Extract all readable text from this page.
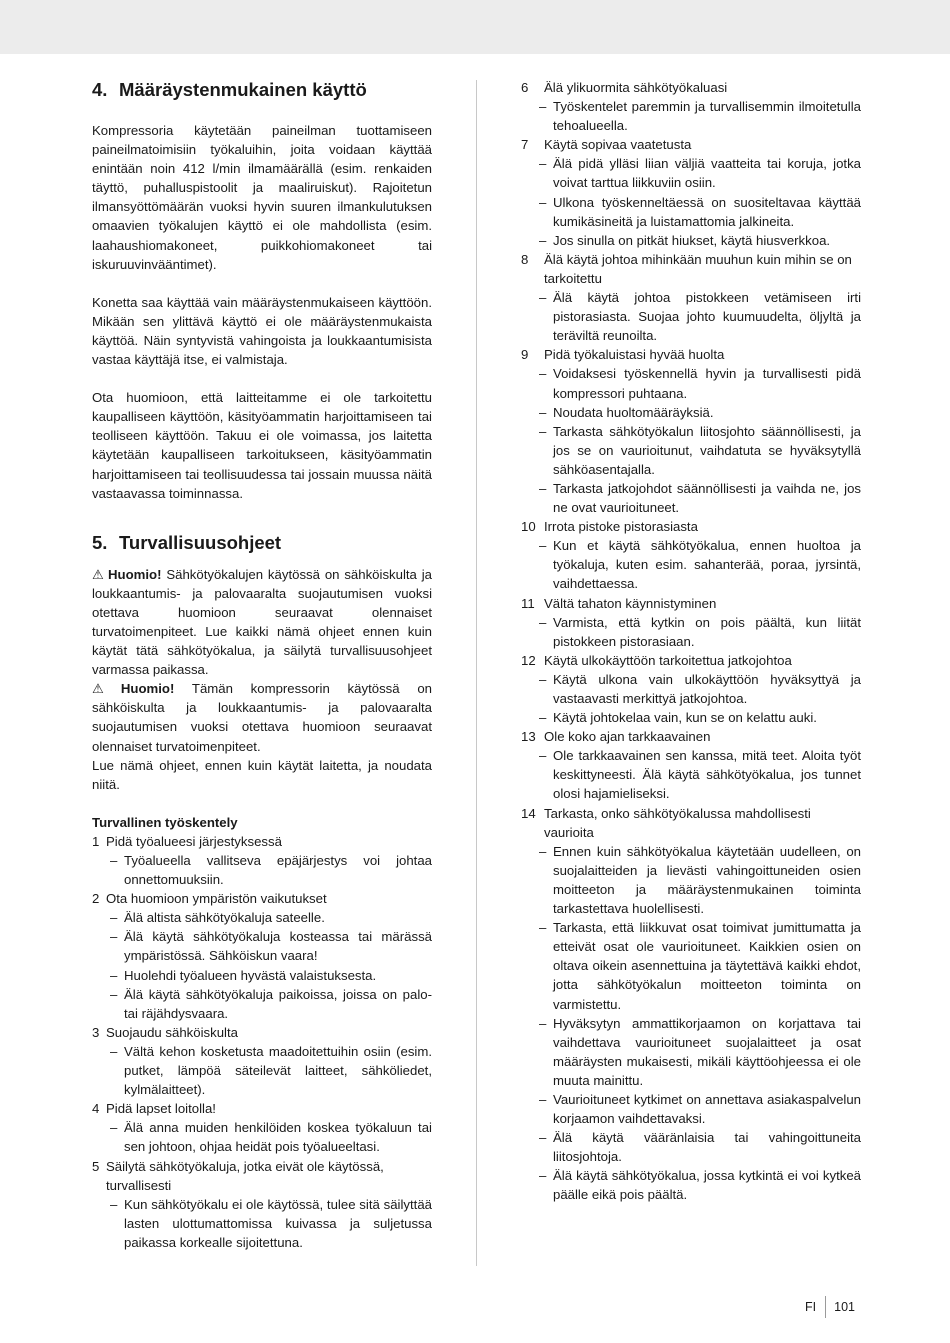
4. Määräystenmukainen käyttö

Kompressoria käytetään paineilman tuottamiseen paineilmatoimisiin työkaluihin, joita voidaan käyttää enintään noin 412 l/min ilmamäärällä (esim. renkaiden täyttö, puhalluspistoolit ja maaliruiskut). Rajoitetun ilmansyöttömäärän vuoksi hyvin suuren ilmankulutuksen omaavien työkalujen käyttö ei ole mahdollista (esim. laahaushiomakoneet, puikkohiomakoneet tai iskuruuvinvääntimet).

Konetta saa käyttää vain määräystenmukaiseen käyttöön. Mikään sen ylittävä käyttö ei ole määräystenmukaista käyttöä. Näin syntyvistä vahingoista ja loukkaantumisista vastaa käyttäjä itse, ei valmistaja.

Ota huomioon, että laitteitamme ei ole tarkoitettu kaupalliseen käyttöön, käsityöammatin harjoittamiseen tai teolliseen käyttöön. Takuu ei ole voimassa, jos laitetta käytetään kaupalliseen tarkoitukseen, käsityöammatin harjoittamiseen tai teollisuudessa tai jossain muussa näitä vastaavassa toiminnassa.

5. Turvallisuusohjeet

⚠ Huomio! Sähkötyökalujen käytössä on sähköiskulta ja loukkaantumis- ja palovaaralta suojautumisen vuoksi otettava huomioon seuraavat olennaiset turvatoimenpiteet. Lue kaikki nämä ohjeet ennen kuin käytät tätä sähkötyökalua, ja säilytä turvallisuusohjeet varmassa paikassa.

⚠ Huomio! Tämän kompressorin käytössä on sähköiskulta ja loukkaantumis- ja palovaaralta suojautumisen vuoksi otettava huomioon seuraavat olennaiset turvatoimenpiteet.

Lue nämä ohjeet, ennen kuin käytät laitetta, ja noudata niitä.

Turvallinen työskentely
1 Pidä työalueesi järjestyksessä
– Työalueella vallitseva epäjärjestys voi johtaa onnettomuuksiin.
2 Ota huomioon ympäristön vaikutukset
– Älä altista sähkötyökaluja sateelle.
– Älä käytä sähkötyökaluja kosteassa tai märässä ympäristössä. Sähköiskun vaara!
– Huolehdi työalueen hyvästä valaistuksesta.
– Älä käytä sähkötyökaluja paikoissa, joissa on palo- tai räjähdysvaara.
3 Suojaudu sähköiskulta
– Vältä kehon kosketusta maadoitettuihin osiin (esim. putket, lämpöä säteilevät laitteet, sähköliedet, kylmälaitteet).
4 Pidä lapset loitolla!
– Älä anna muiden henkilöiden koskea työkaluun tai sen johtoon, ohjaa heidät pois työalueeltasi.
5 Säilytä sähkötyökaluja, jotka eivät ole käytössä, turvallisesti
– Kun sähkötyökalu ei ole käytössä, tulee sitä säilyttää lasten ulottumattomissa kuivassa ja suljetussa paikassa korkealle sijoitettuna.
6	Älä ylikuormita sähkötyökaluasi
– Työskentelet paremmin ja turvallisemmin ilmoitetulla tehoalueella.
7	Käytä sopivaa vaatetusta
– Älä pidä ylläsi liian väljiä vaatteita tai koruja, jotka voivat tarttua liikkuviin osiin.
– Ulkona työskenneltäessä on suositeltavaa käyttää kumikäsineitä ja luistamattomia jalkineita.
– Jos sinulla on pitkät hiukset, käytä hiusverkkoa.
8	Älä käytä johtoa mihinkään muuhun kuin mihin se on tarkoitettu
– Älä käytä johtoa pistokkeen vetämiseen irti pistorasiasta. Suojaa johto kuumuudelta, öljyltä ja teräviltä reunoilta.
9	Pidä työkaluistasi hyvää huolta
– Voidaksesi työskennellä hyvin ja turvallisesti pidä kompressori puhtaana.
– Noudata huoltomääräyksiä.
– Tarkasta sähkötyökalun liitosjohto säännöllisesti, ja jos se on vaurioitunut, vaihdatuta se hyväksytyllä sähköasentajalla.
– Tarkasta jatkojohdot säännöllisesti ja vaihda ne, jos ne ovat vaurioituneet.
10 Irrota pistoke pistorasiasta
– Kun et käytä sähkötyökalua, ennen huoltoa ja työkaluja, kuten esim. sahanterää, poraa, jyrsintä, vaihdettaessa.
11 Vältä tahaton käynnistyminen
– Varmista, että kytkin on pois päältä, kun liität pistokkeen pistorasiaan.
12 Käytä ulkokäyttöön tarkoitettua jatkojohtoa
– Käytä ulkona vain ulkokäyttöön hyväksyttyä ja vastaavasti merkittyä jatkojohtoa.
– Käytä johtokelaa vain, kun se on kelattu auki.
13 Ole koko ajan tarkkaavainen
– Ole tarkkaavainen sen kanssa, mitä teet. Aloita työt keskittyneesti. Älä käytä sähkötyökalua, jos tunnet olosi hajamieliseksi.
14 Tarkasta, onko sähkötyökalussa mahdollisesti vaurioita
– Ennen kuin sähkötyökalua käytetään uudelleen, on suojalaitteiden ja lievästi vahingoittuneiden osien moitteeton ja määräystenmukainen toiminta tarkastettava huolellisesti.
– Tarkasta, että liikkuvat osat toimivat jumittumatta ja etteivät osat ole vaurioituneet. Kaikkien osien on oltava oikein asennettuina ja täytettävä kaikki ehdot, jotta sähkötyökalun moitteeton toiminta on varmistettu.
– Hyväksytyn ammattikorjaamon on korjattava tai vaihdettava vaurioituneet suojalaitteet ja osat määräysten mukaisesti, mikäli käyttöohjeessa ei ole muuta mainittu.
– Vaurioituneet kytkimet on annettava asiakaspalvelun korjaamon vaihdettavaksi.
– Älä käytä vääränlaisia tai vahingoittuneita liitosjohtoja.
– Älä käytä sähkötyökalua, jossa kytkintä ei voi kytkeä päälle eikä pois päältä.
FI 101
